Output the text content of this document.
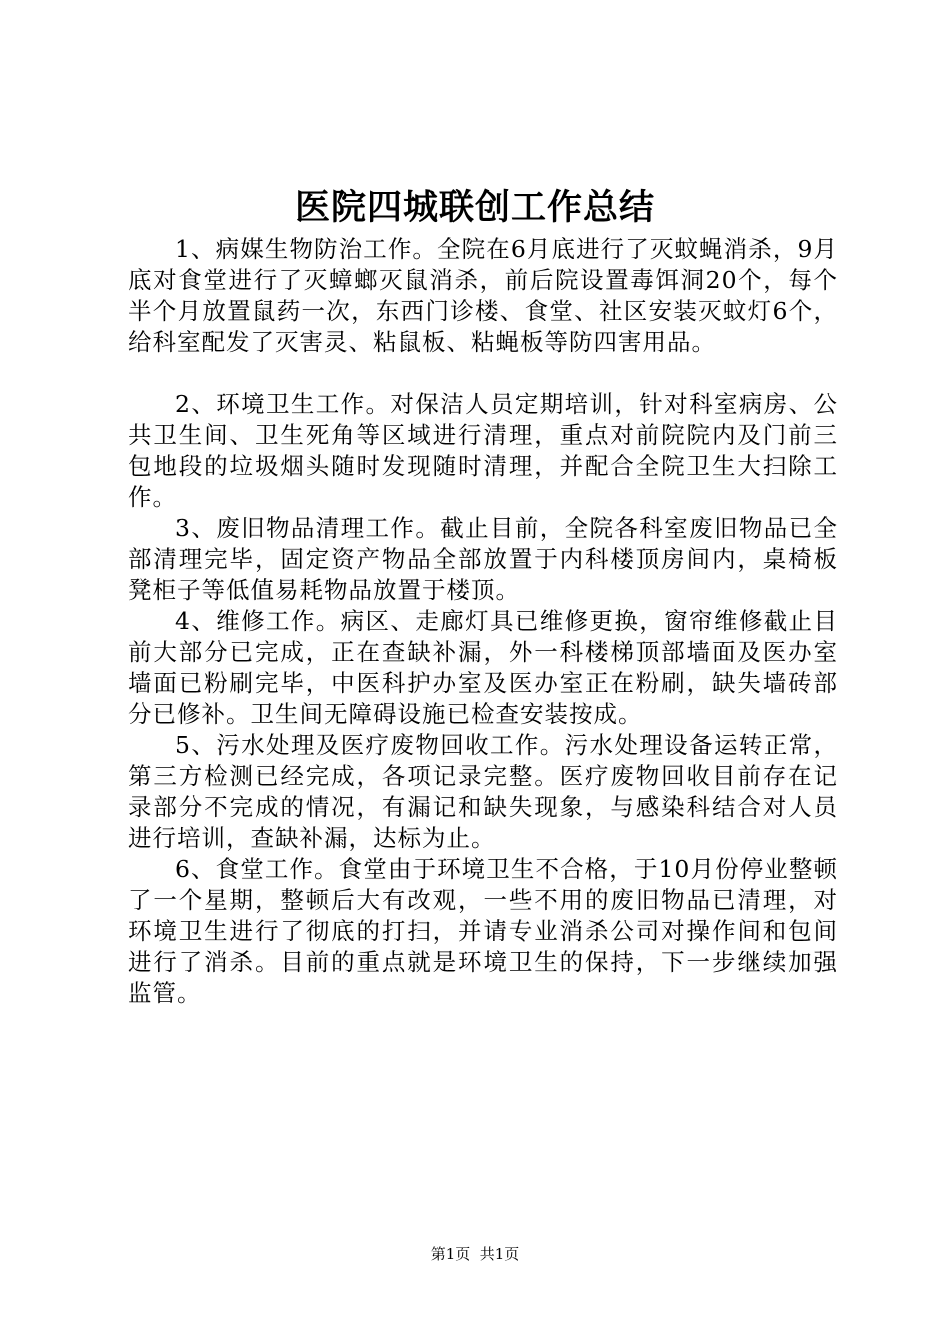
医院四城联创工作总结

1、病媒生物防治工作。全院在6月底进行了灭蚊蝇消杀，9月底对食堂进行了灭蟑螂灭鼠消杀，前后院设置毒饵洞20个，每个半个月放置鼠药一次，东西门诊楼、食堂、社区安装灭蚊灯6个，给科室配发了灭害灵、粘鼠板、粘蝇板等防四害用品。

2、环境卫生工作。对保洁人员定期培训，针对科室病房、公共卫生间、卫生死角等区域进行清理，重点对前院院内及门前三包地段的垃圾烟头随时发现随时清理，并配合全院卫生大扫除工作。

3、废旧物品清理工作。截止目前，全院各科室废旧物品已全部清理完毕，固定资产物品全部放置于内科楼顶房间内，桌椅板凳柜子等低值易耗物品放置于楼顶。

4、维修工作。病区、走廊灯具已维修更换，窗帘维修截止目前大部分已完成，正在查缺补漏，外一科楼梯顶部墙面及医办室墙面已粉刷完毕，中医科护办室及医办室正在粉刷，缺失墙砖部分已修补。卫生间无障碍设施已检查安装按成。

5、污水处理及医疗废物回收工作。污水处理设备运转正常，第三方检测已经完成，各项记录完整。医疗废物回收目前存在记录部分不完成的情况，有漏记和缺失现象，与感染科结合对人员进行培训，查缺补漏，达标为止。

6、食堂工作。食堂由于环境卫生不合格，于10月份停业整顿了一个星期，整顿后大有改观，一些不用的废旧物品已清理，对环境卫生进行了彻底的打扫，并请专业消杀公司对操作间和包间进行了消杀。目前的重点就是环境卫生的保持，下一步继续加强监管。

第1页  共1页
